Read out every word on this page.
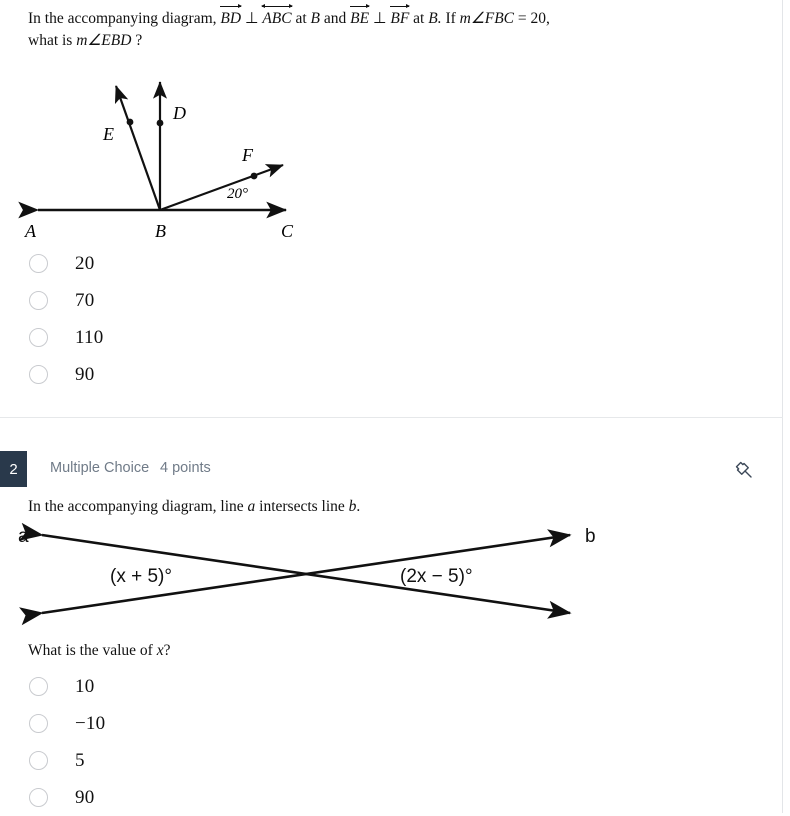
In the accompanying diagram,
BD ⊥
ABC at B and
BE ⊥
BF at B. If m∠FBC = 20,
what is m∠EBD ?
A	B	C
D
E
F
20°
20
70
110
90
2	Multiple Choice 4 points
In the accompanying diagram, line a intersects line b.
a	b
(x + 5)°	(2x − 5)°
What is the value of x?
10
−10
5
90
